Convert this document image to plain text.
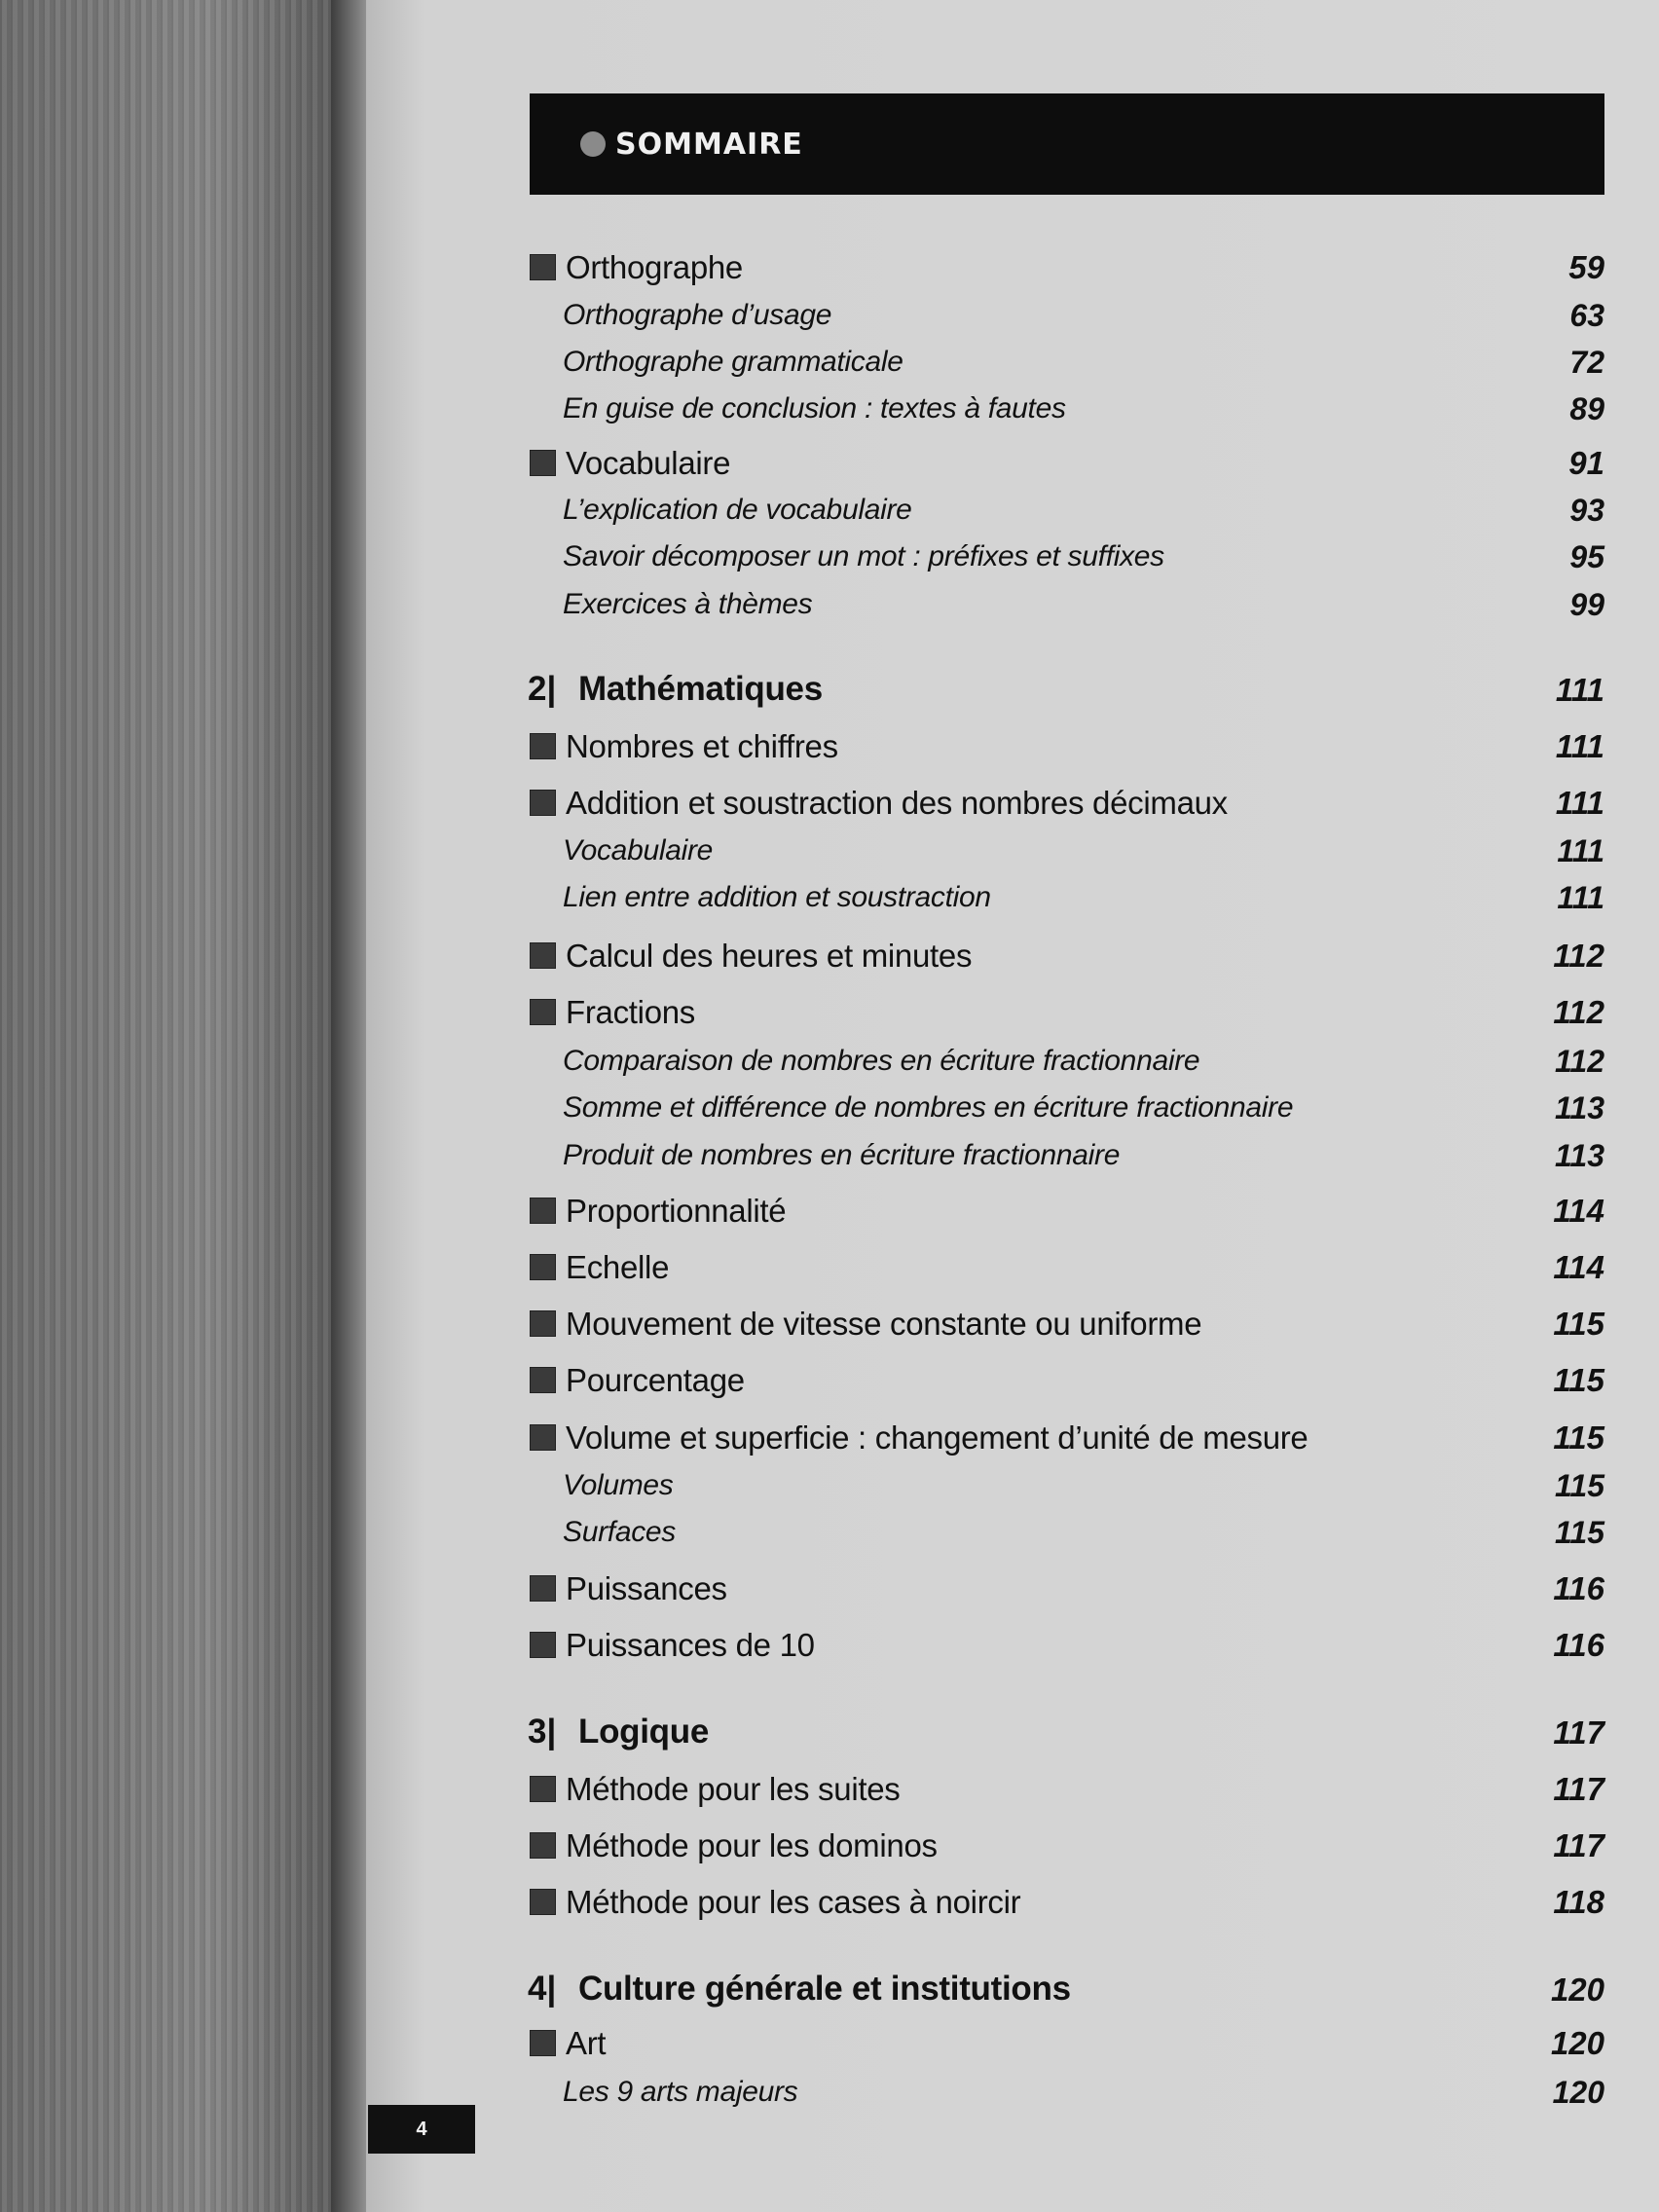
SOMMAIRE
Orthographe	59
Orthographe d’usage	63
Orthographe grammaticale	72
En guise de conclusion : textes à fautes	89
Vocabulaire	91
L’explication de vocabulaire	93
Savoir décomposer un mot : préfixes et suffixes	95
Exercices à thèmes	99
2| Mathématiques	111
Nombres et chiffres	111
Addition et soustraction des nombres décimaux	111
Vocabulaire	111
Lien entre addition et soustraction	111
Calcul des heures et minutes	112
Fractions	112
Comparaison de nombres en écriture fractionnaire	112
Somme et différence de nombres en écriture fractionnaire	113
Produit de nombres en écriture fractionnaire	113
Proportionnalité	114
Echelle	114
Mouvement de vitesse constante ou uniforme	115
Pourcentage	115
Volume et superficie : changement d’unité de mesure	115
Volumes	115
Surfaces	115
Puissances	116
Puissances de 10	116
3| Logique	117
Méthode pour les suites	117
Méthode pour les dominos	117
Méthode pour les cases à noircir	118
4| Culture générale et institutions	120
Art	120
Les 9 arts majeurs	120
4
